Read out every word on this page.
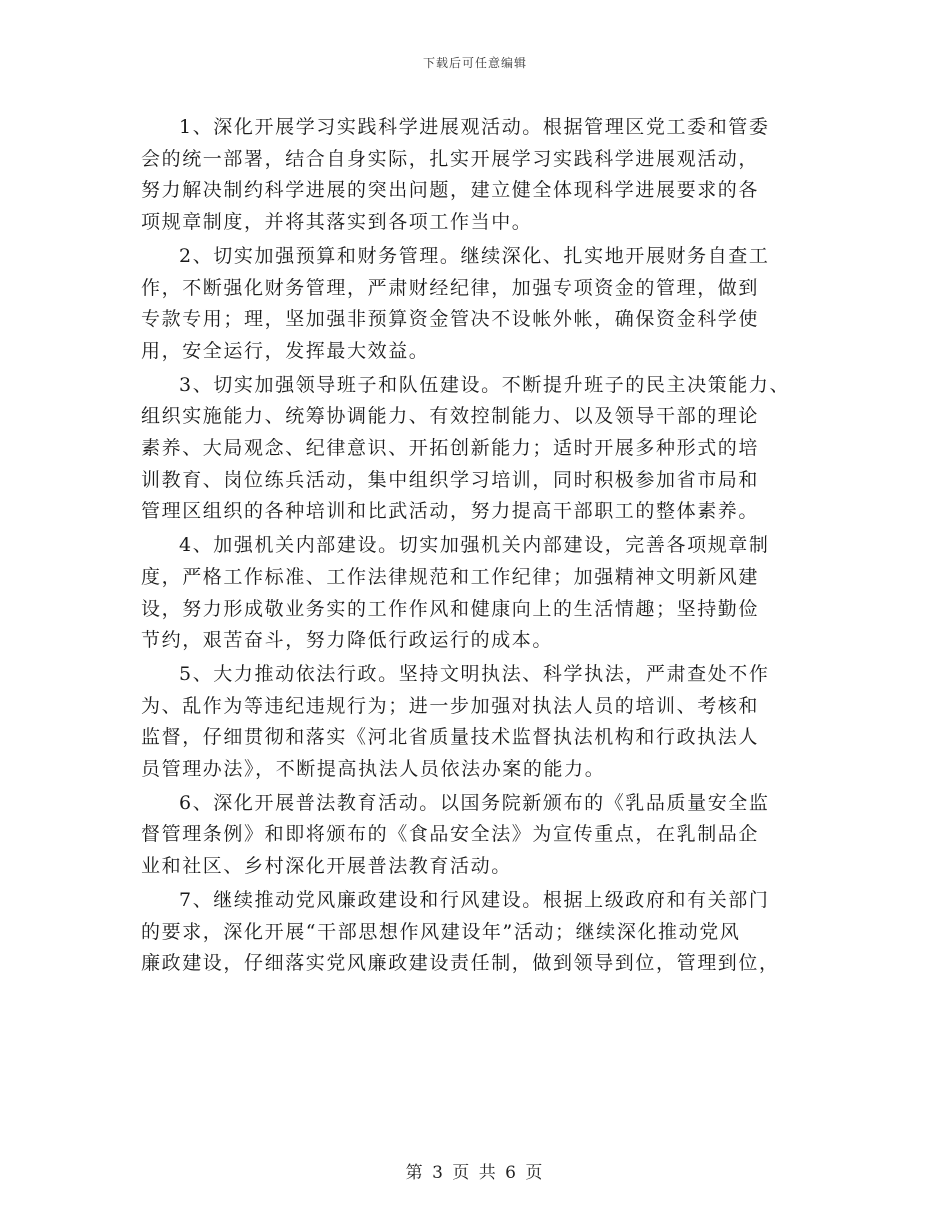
下载后可任意编辑
1、深化开展学习实践科学进展观活动。根据管理区党工委和管委
会的统一部署，结合自身实际，扎实开展学习实践科学进展观活动，
努力解决制约科学进展的突出问题，建立健全体现科学进展要求的各
项规章制度，并将其落实到各项工作当中。
2、切实加强预算和财务管理。继续深化、扎实地开展财务自查工
作，不断强化财务管理，严肃财经纪律，加强专项资金的管理，做到
专款专用；理，坚加强非预算资金管决不设帐外帐，确保资金科学使
用，安全运行，发挥最大效益。
3、切实加强领导班子和队伍建设。不断提升班子的民主决策能力、
组织实施能力、统筹协调能力、有效控制能力、以及领导干部的理论
素养、大局观念、纪律意识、开拓创新能力；适时开展多种形式的培
训教育、岗位练兵活动，集中组织学习培训，同时积极参加省市局和
管理区组织的各种培训和比武活动，努力提高干部职工的整体素养。
4、加强机关内部建设。切实加强机关内部建设，完善各项规章制
度，严格工作标准、工作法律规范和工作纪律；加强精神文明新风建
设，努力形成敬业务实的工作作风和健康向上的生活情趣；坚持勤俭
节约，艰苦奋斗，努力降低行政运行的成本。
5、大力推动依法行政。坚持文明执法、科学执法，严肃查处不作
为、乱作为等违纪违规行为；进一步加强对执法人员的培训、考核和
监督，仔细贯彻和落实《河北省质量技术监督执法机构和行政执法人
员管理办法》，不断提高执法人员依法办案的能力。
6、深化开展普法教育活动。以国务院新颁布的《乳品质量安全监
督管理条例》和即将颁布的《食品安全法》为宣传重点，在乳制品企
业和社区、乡村深化开展普法教育活动。
7、继续推动党风廉政建设和行风建设。根据上级政府和有关部门
的要求，深化开展“干部思想作风建设年”活动；继续深化推动党风
廉政建设，仔细落实党风廉政建设责任制，做到领导到位，管理到位，
第 3 页 共 6 页
